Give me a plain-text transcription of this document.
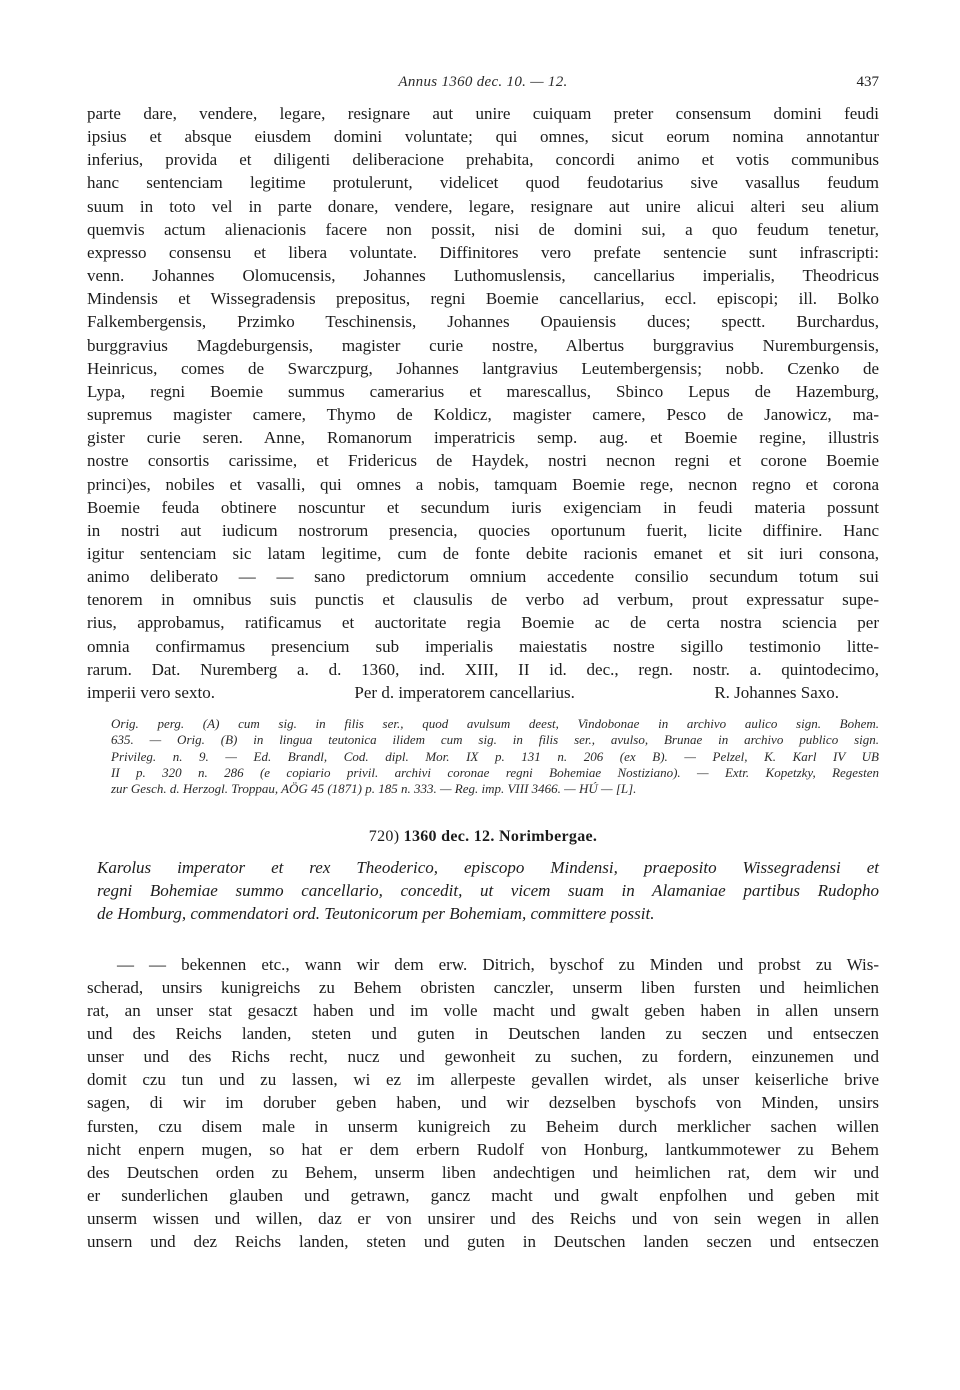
Annus 1360 dec. 10. — 12.	437
parte dare, vendere, legare, resignare aut unire cuiquam preter consensum domini feudi
ipsius et absque eiusdem domini voluntate; qui omnes, sicut eorum nomina annotantur
inferius, provida et diligenti deliberacione prehabita, concordi animo et votis communibus
hanc sentenciam legitime protulerunt, videlicet quod feudotarius sive vasallus feudum
suum in toto vel in parte donare, vendere, legare, resignare aut unire alicui alteri seu alium
quemvis actum alienacionis facere non possit, nisi de domini sui, a quo feudum tenetur,
expresso consensu et libera voluntate. Diffinitores vero prefate sentencie sunt infrascripti:
venn. Johannes Olomucensis, Johannes Luthomuslensis, cancellarius imperialis, Theodricus
Mindensis et Wissegradensis prepositus, regni Boemie cancellarius, eccl. episcopi; ill. Bolko
Falkembergensis, Przimko Teschinensis, Johannes Opauiensis duces; spectt. Burchardus,
burggravius Magdeburgensis, magister curie nostre, Albertus burggravius Nuremburgensis,
Heinricus, comes de Swarczpurg, Johannes lantgravius Leutembergensis; nobb. Czenko de
Lypa, regni Boemie summus camerarius et marescallus, Sbinco Lepus de Hazemburg,
supremus magister camere, Thymo de Koldicz, magister camere, Pesco de Janowicz, ma-
gister curie seren. Anne, Romanorum imperatricis semp. aug. et Boemie regine, illustris
nostre consortis carissime, et Fridericus de Haydek, nostri necnon regni et corone Boemie
princi)es, nobiles et vasalli, qui omnes a nobis, tamquam Boemie rege, necnon regno et corona
Boemie feuda obtinere noscuntur et secundum iuris exigenciam in feudi materia possunt
in nostri aut iudicum nostrorum presencia, quocies oportunum fuerit, licite diffinire. Hanc
igitur sentenciam sic latam legitime, cum de fonte debite racionis emanet et sit iuri consona,
animo deliberato — — sano predictorum omnium accedente consilio secundum totum sui
tenorem in omnibus suis punctis et clausulis de verbo ad verbum, prout expressatur supe-
rius, approbamus, ratificamus et auctoritate regia Boemie ac de certa nostra sciencia per
omnia confirmamus presencium sub imperialis maiestatis nostre sigillo testimonio litte-
rarum. Dat. Nuremberg a. d. 1360, ind. XIII, II id. dec., regn. nostr. a. quintodecimo,
imperii vero sexto.	Per d. imperatorem cancellarius.	R. Johannes Saxo.
Orig. perg. (A) cum sig. in filis ser., quod avulsum deest, Vindobonae in archivo aulico sign. Bohem.
635. — Orig. (B) in lingua teutonica ilidem cum sig. in filis ser., avulso, Brunae in archivo publico sign.
Privileg. n. 9. — Ed. Brandl, Cod. dipl. Mor. IX p. 131 n. 206 (ex B). — Pelzel, K. Karl IV UB
II p. 320 n. 286 (e copiario privil. archivi coronae regni Bohemiae Nostiziano). — Extr. Kopetzky, Regesten
zur Gesch. d. Herzogl. Troppau, AÖG 45 (1871) p. 185 n. 333. — Reg. imp. VIII 3466. — HÚ — [L].
720) 1360 dec. 12. Norimbergae.
Karolus imperator et rex Theoderico, episcopo Mindensi, praeposito Wissegradensi et
regni Bohemiae summo cancellario, concedit, ut vicem suam in Alamaniae partibus Rudopho
de Homburg, commendatori ord. Teutonicorum per Bohemiam, committere possit.
— — bekennen etc., wann wir dem erw. Ditrich, byschof zu Minden und probst zu Wis-
scherad, unsirs kunigreichs zu Behem obristen canczler, unserm liben fursten und heimlichen
rat, an unser stat gesaczt haben und im volle macht und gwalt geben haben in allen unsern
und des Reichs landen, steten und guten in Deutschen landen zu seczen und entseczen
unser und des Richs recht, nucz und gewonheit zu suchen, zu fordern, einzunemen und
domit czu tun und zu lassen, wi ez im allerpeste gevallen wirdet, als unser keiserliche brive
sagen, di wir im doruber geben haben, und wir dezselben byschofs von Minden, unsirs
fursten, czu disem male in unserm kunigreich zu Beheim durch merklicher sachen willen
nicht enpern mugen, so hat er dem erbern Rudolf von Honburg, lantkummotewer zu Behem
des Deutschen orden zu Behem, unserm liben andechtigen und heimlichen rat, dem wir und
er sunderlichen glauben und getrawn, gancz macht und gwalt enpfolhen und geben mit
unserm wissen und willen, daz er von unsirer und des Reichs und von sein wegen in allen
unsern und dez Reichs landen, steten und guten in Deutschen landen seczen und entseczen
